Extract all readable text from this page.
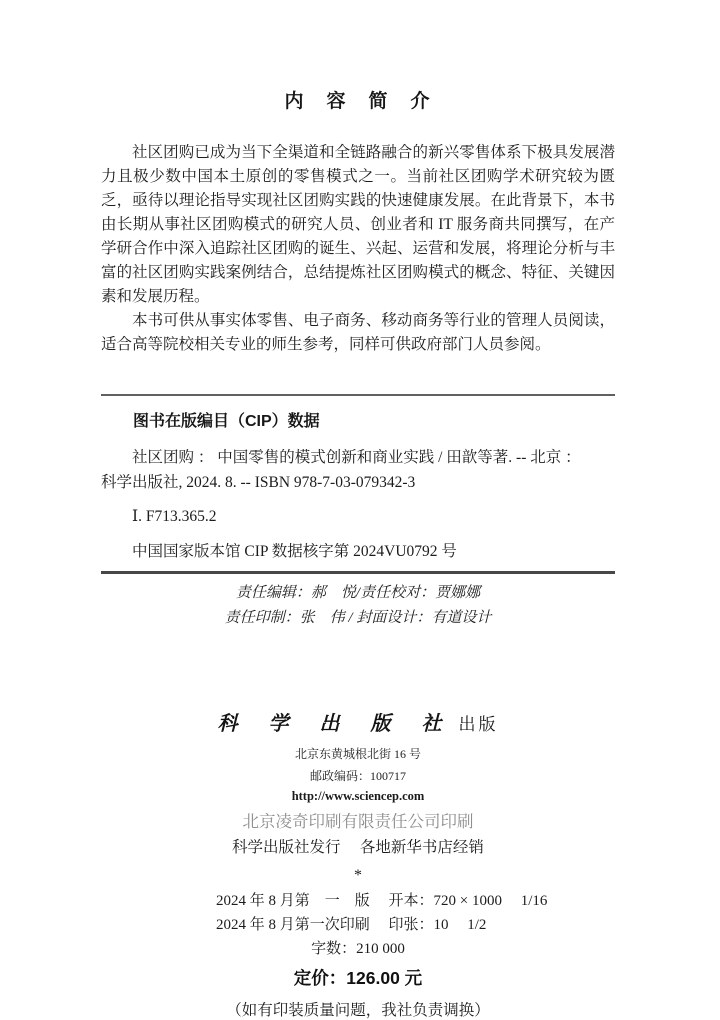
内　容　简　介

社区团购已成为当下全渠道和全链路融合的新兴零售体系下极具发展潜力且极少数中国本土原创的零售模式之一。当前社区团购学术研究较为匮乏，亟待以理论指导实现社区团购实践的快速健康发展。在此背景下，本书由长期从事社区团购模式的研究人员、创业者和 IT 服务商共同撰写，在产学研合作中深入追踪社区团购的诞生、兴起、运营和发展，将理论分析与丰富的社区团购实践案例结合，总结提炼社区团购模式的概念、特征、关键因素和发展历程。

本书可供从事实体零售、电子商务、移动商务等行业的管理人员阅读，适合高等院校相关专业的师生参考，同样可供政府部门人员参阅。

图书在版编目（CIP）数据

社区团购 ： 中国零售的模式创新和商业实践 / 田歆等著. -- 北京 ：

科学出版社, 2024. 8. -- ISBN 978-7-03-079342-3

Ⅰ. F713.365.2

中国国家版本馆 CIP 数据核字第 2024VU0792 号

责任编辑：郝　悦/责任校对：贾娜娜

责任印制：张　伟 / 封面设计：有道设计

科 学 出 版 社 出版

北京东黄城根北街 16 号

邮政编码：100717

http://www.sciencep.com

北京凌奇印刷有限责任公司印刷

科学出版社发行　 各地新华书店经销

*

2024 年 8 月第　一　版　 开本：720 × 1000　 1/16

2024 年 8 月第一次印刷　 印张：10　 1/2

字数：210 000

定价：126.00 元

（如有印装质量问题，我社负责调换）
